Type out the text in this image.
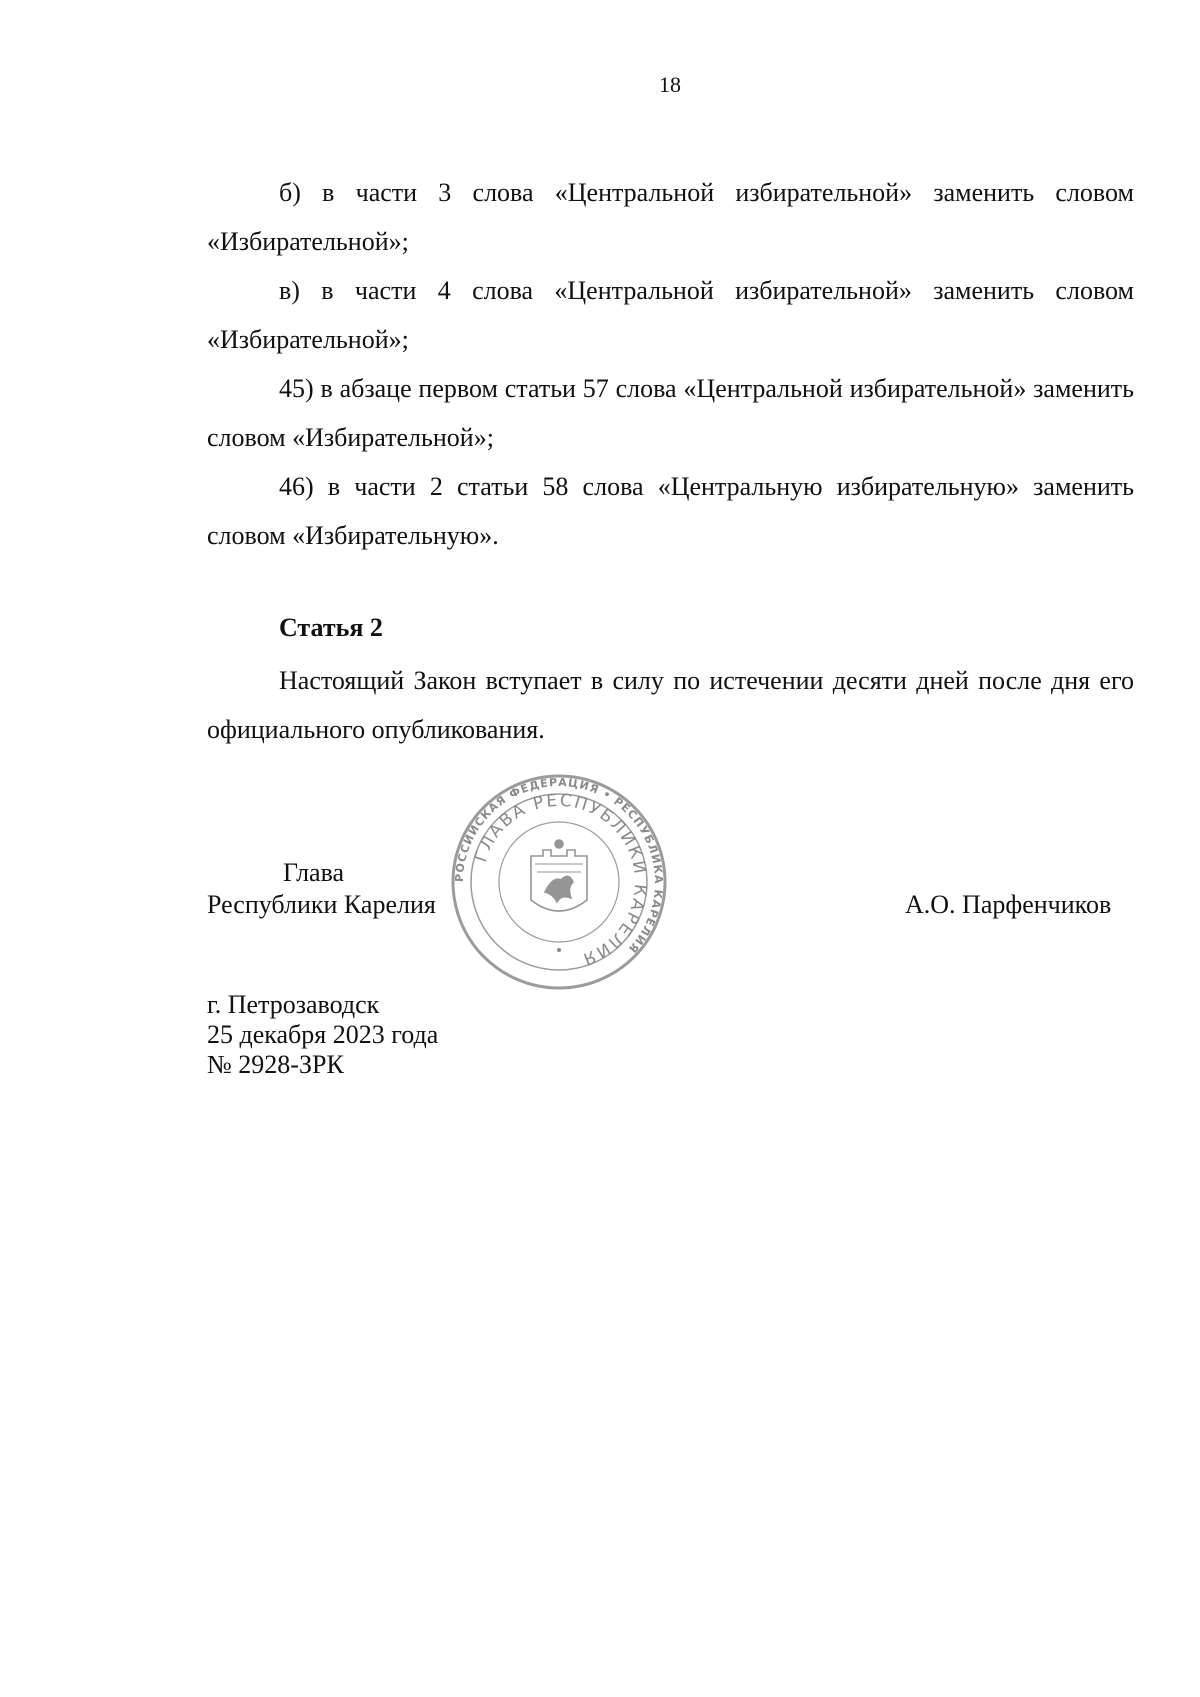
18

б) в части 3 слова «Центральной избирательной» заменить словом «Избирательной»;

в) в части 4 слова «Центральной избирательной» заменить словом «Избирательной»;

45) в абзаце первом статьи 57 слова «Центральной избирательной» заменить словом «Избирательной»;

46) в части 2 статьи 58 слова «Центральную избирательную» заменить словом «Избирательную».

Статья 2

Настоящий Закон вступает в силу по истечении десяти дней после дня его официального опубликования.

Глава
Республики Карелия	А.О. Парфенчиков
РОССИЙСКАЯ ФЕДЕРАЦИЯ • РЕСПУБЛИКА КАРЕЛИЯ
ГЛАВА РЕСПУБЛИКИ КАРЕЛИЯ
г. Петрозаводск
25 декабря 2023 года
№ 2928-ЗРК
